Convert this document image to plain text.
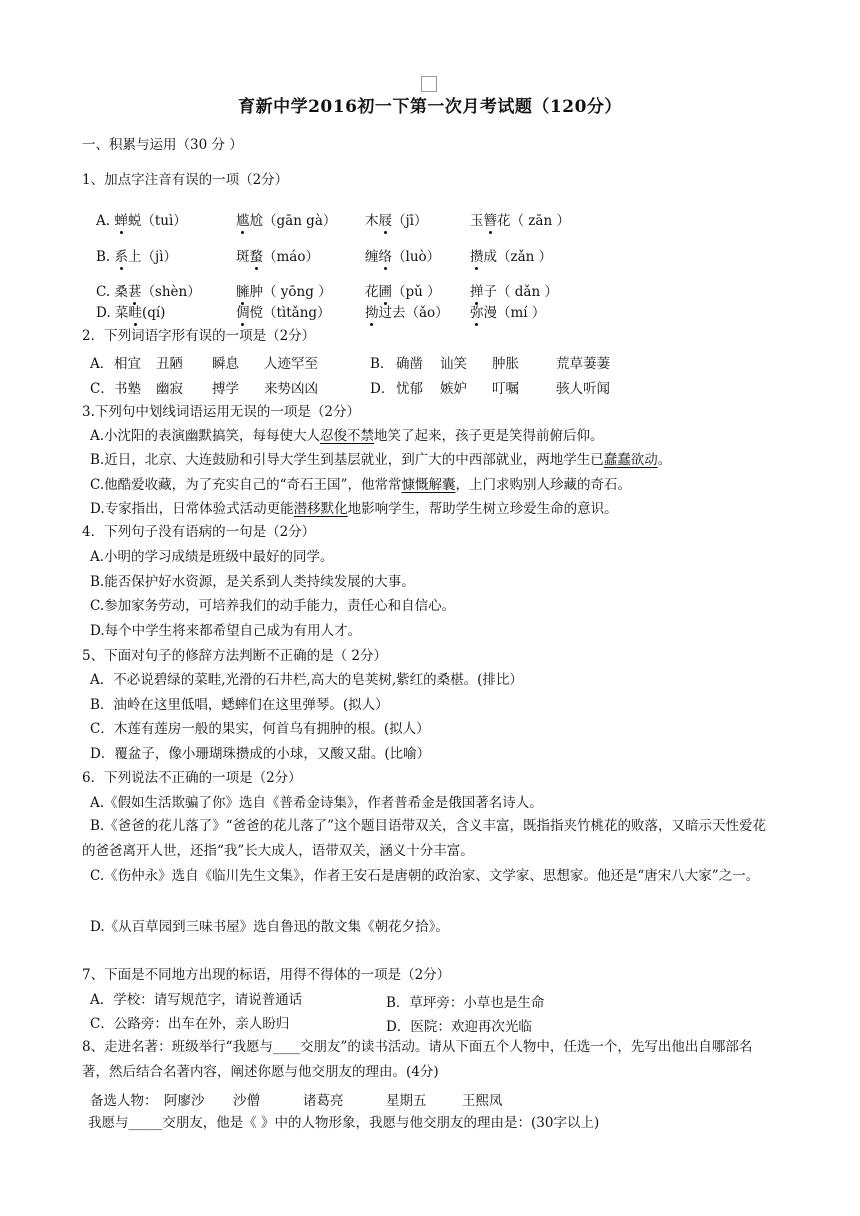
育新中学2016初一下第一次月考试题（120分）
一、积累与运用（30 分 ）
1、加点字注音有误的一项（2分）
A. 蝉蜕（tuì）	尴尬（gān gà） 木屐（jī）	玉簪花（ zān ）
B. 系上（jì）	斑蝥（máo）	缠络（luò） 攒成（zǎn ）
C. 桑葚（shèn）	臃肿（ yōng ） 花圃（pǔ ） 掸子（ dǎn ）
D. 菜畦(qí)	倜傥（tìtǎng）	拗过去（ǎo） 弥漫（mí ）
2．下列词语字形有误的一项是（2分）
A． 相宜 丑陋 瞬息 人迹罕至	B． 确凿 讪笑 肿胀	荒草萋萋
C． 书塾 幽寂 搏学 来势凶凶	D． 忧郁 嫉妒 叮嘱	骇人听闻
3.下列句中划线词语运用无误的一项是（2分）
A.小沈阳的表演幽默搞笑，每每使大人忍俊不禁地笑了起来，孩子更是笑得前俯后仰。
B.近日，北京、大连鼓励和引导大学生到基层就业，到广大的中西部就业，两地学生已蠢蠢欲动。
C.他酷爱收藏，为了充实自己的“奇石王国”，他常常慷慨解囊，上门求购别人珍藏的奇石。
D.专家指出，日常体验式活动更能潜移默化地影响学生，帮助学生树立珍爱生命的意识。
4．下列句子没有语病的一句是（2分）
A.小明的学习成绩是班级中最好的同学。
B.能否保护好水资源，是关系到人类持续发展的大事。
C.参加家务劳动，可培养我们的动手能力，责任心和自信心。
D.每个中学生将来都希望自己成为有用人才。
5、下面对句子的修辞方法判断不正确的是（ 2分）
A．不必说碧绿的菜畦,光滑的石井栏,高大的皂荚树,紫红的桑椹。(排比）
B．油岭在这里低唱，蟋蟀们在这里弹琴。(拟人）
C．木莲有莲房一般的果实，何首乌有拥肿的根。(拟人）
D．覆盆子，像小珊瑚珠攒成的小球，又酸又甜。(比喻）
6．下列说法不正确的一项是（2分）
A.《假如生活欺骗了你》选自《普希金诗集》，作者普希金是俄国著名诗人。
B.《爸爸的花儿落了》“爸爸的花儿落了”这个题目语带双关，含义丰富，既指指夹竹桃花的败落，又暗示天性爱花的爸爸离开人世，还指“我”长大成人，语带双关，涵义十分丰富。
C.《伤仲永》选自《临川先生文集》，作者王安石是唐朝的政治家、文学家、思想家。他还是“唐宋八大家”之一。
D.《从百草园到三味书屋》选自鲁迅的散文集《朝花夕拾》。
7、下面是不同地方出现的标语，用得不得体的一项是（2分）
A．学校：请写规范字，请说普通话	B．草坪旁：小草也是生命
C．公路旁：出车在外，亲人盼归	D．医院：欢迎再次光临
8、走进名著：班级举行“我愿与____交朋友”的读书活动。请从下面五个人物中，任选一个，先写出他出自哪部名著，然后结合名著内容，阐述你愿与他交朋友的理由。(4分)
备选人物： 阿廖沙 沙僧	诸葛亮	星期五	王熙凤
我愿与_____交朋友，他是《 》中的人物形象，我愿与他交朋友的理由是：(30字以上)
